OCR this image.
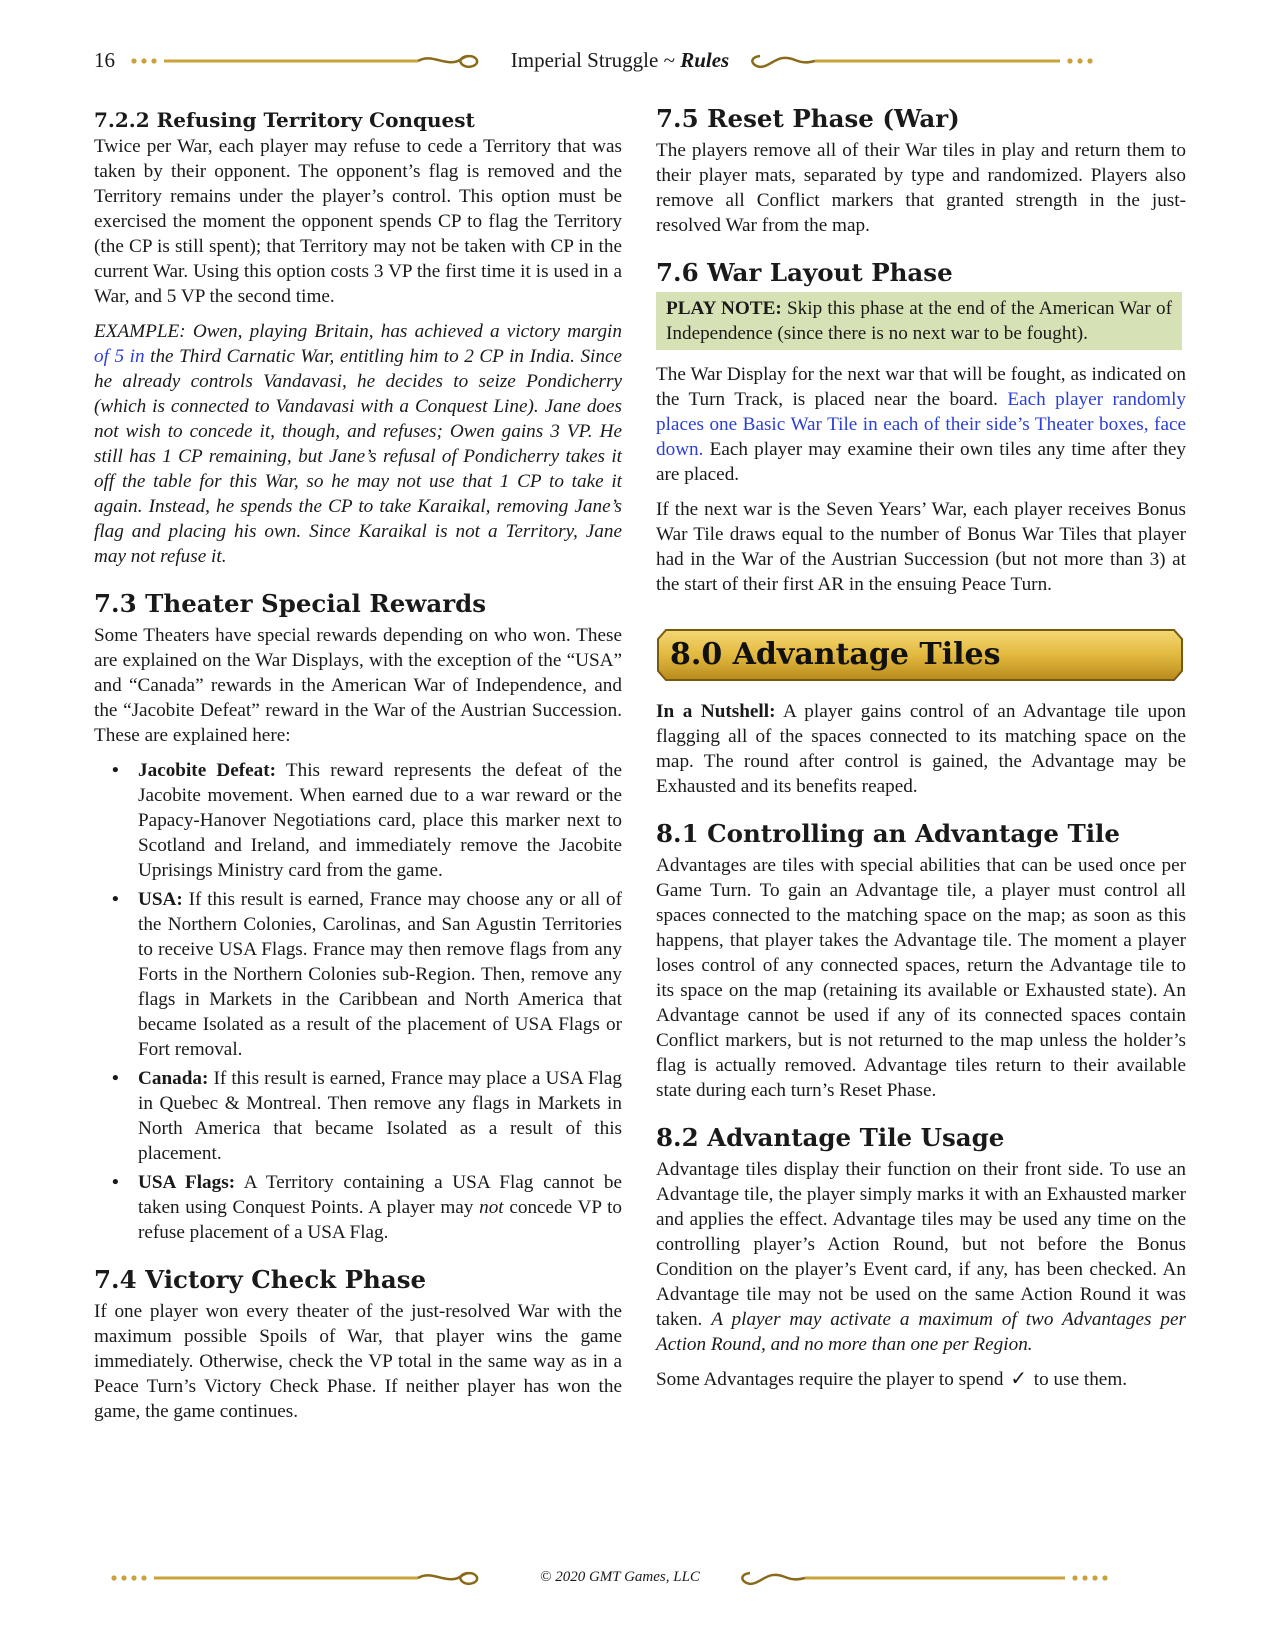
16	Imperial Struggle ~ Rules
7.2.2 Refusing Territory Conquest

Twice per War, each player may refuse to cede a Territory that was taken by their opponent. The opponent’s flag is removed and the Territory remains under the player’s control. This option must be exercised the moment the opponent spends CP to flag the Territory (the CP is still spent); that Territory may not be taken with CP in the current War. Using this option costs 3 VP the first time it is used in a War, and 5 VP the second time.

EXAMPLE: Owen, playing Britain, has achieved a victory margin of 5 in the Third Carnatic War, entitling him to 2 CP in India. Since he already controls Vandavasi, he decides to seize Pondicherry (which is connected to Vandavasi with a Conquest Line). Jane does not wish to concede it, though, and refuses; Owen gains 3 VP. He still has 1 CP remaining, but Jane’s refusal of Pondicherry takes it off the table for this War, so he may not use that 1 CP to take it again. Instead, he spends the CP to take Karaikal, removing Jane’s flag and placing his own. Since Karaikal is not a Territory, Jane may not refuse it.

7.3 Theater Special Rewards

Some Theaters have special rewards depending on who won. These are explained on the War Displays, with the exception of the “USA” and “Canada” rewards in the American War of Independence, and the “Jacobite Defeat” reward in the War of the Austrian Succession. These are explained here:

• Jacobite Defeat: This reward represents the defeat of the Jacobite movement. When earned due to a war reward or the Papacy-Hanover Negotiations card, place this marker next to Scotland and Ireland, and immediately remove the Jacobite Uprisings Ministry card from the game.
• USA: If this result is earned, France may choose any or all of the Northern Colonies, Carolinas, and San Agustin Territories to receive USA Flags. France may then remove flags from any Forts in the Northern Colonies sub-Region. Then, remove any flags in Markets in the Caribbean and North America that became Isolated as a result of the placement of USA Flags or Fort removal.
• Canada: If this result is earned, France may place a USA Flag in Quebec & Montreal. Then remove any flags in Markets in North America that became Isolated as a result of this placement.
• USA Flags: A Territory containing a USA Flag cannot be taken using Conquest Points. A player may not concede VP to refuse placement of a USA Flag.
7.4 Victory Check Phase

If one player won every theater of the just-resolved War with the maximum possible Spoils of War, that player wins the game immediately. Otherwise, check the VP total in the same way as in a Peace Turn’s Victory Check Phase. If neither player has won the game, the game continues.

7.5 Reset Phase (War)

The players remove all of their War tiles in play and return them to their player mats, separated by type and randomized. Players also remove all Conflict markers that granted strength in the just-resolved War from the map.

7.6 War Layout Phase

PLAY NOTE: Skip this phase at the end of the American War of Independence (since there is no next war to be fought).

The War Display for the next war that will be fought, as indicated on the Turn Track, is placed near the board. Each player randomly places one Basic War Tile in each of their side’s Theater boxes, face down. Each player may examine their own tiles any time after they are placed.

If the next war is the Seven Years’ War, each player receives Bonus War Tile draws equal to the number of Bonus War Tiles that player had in the War of the Austrian Succession (but not more than 3) at the start of their first AR in the ensuing Peace Turn.

8.0 Advantage Tiles

In a Nutshell: A player gains control of an Advantage tile upon flagging all of the spaces connected to its matching space on the map. The round after control is gained, the Advantage may be Exhausted and its benefits reaped.

8.1 Controlling an Advantage Tile

Advantages are tiles with special abilities that can be used once per Game Turn. To gain an Advantage tile, a player must control all spaces connected to the matching space on the map; as soon as this happens, that player takes the Advantage tile. The moment a player loses control of any connected spaces, return the Advantage tile to its space on the map (retaining its available or Exhausted state). An Advantage cannot be used if any of its connected spaces contain Conflict markers, but is not returned to the map unless the holder’s flag is actually removed. Advantage tiles return to their available state during each turn’s Reset Phase.

8.2 Advantage Tile Usage

Advantage tiles display their function on their front side. To use an Advantage tile, the player simply marks it with an Exhausted marker and applies the effect. Advantage tiles may be used any time on the controlling player’s Action Round, but not before the Bonus Condition on the player’s Event card, if any, has been checked. An Advantage tile may not be used on the same Action Round it was taken. A player may activate a maximum of two Advantages per Action Round, and no more than one per Region.

Some Advantages require the player to spend ✓ to use them.

© 2020 GMT Games, LLC
